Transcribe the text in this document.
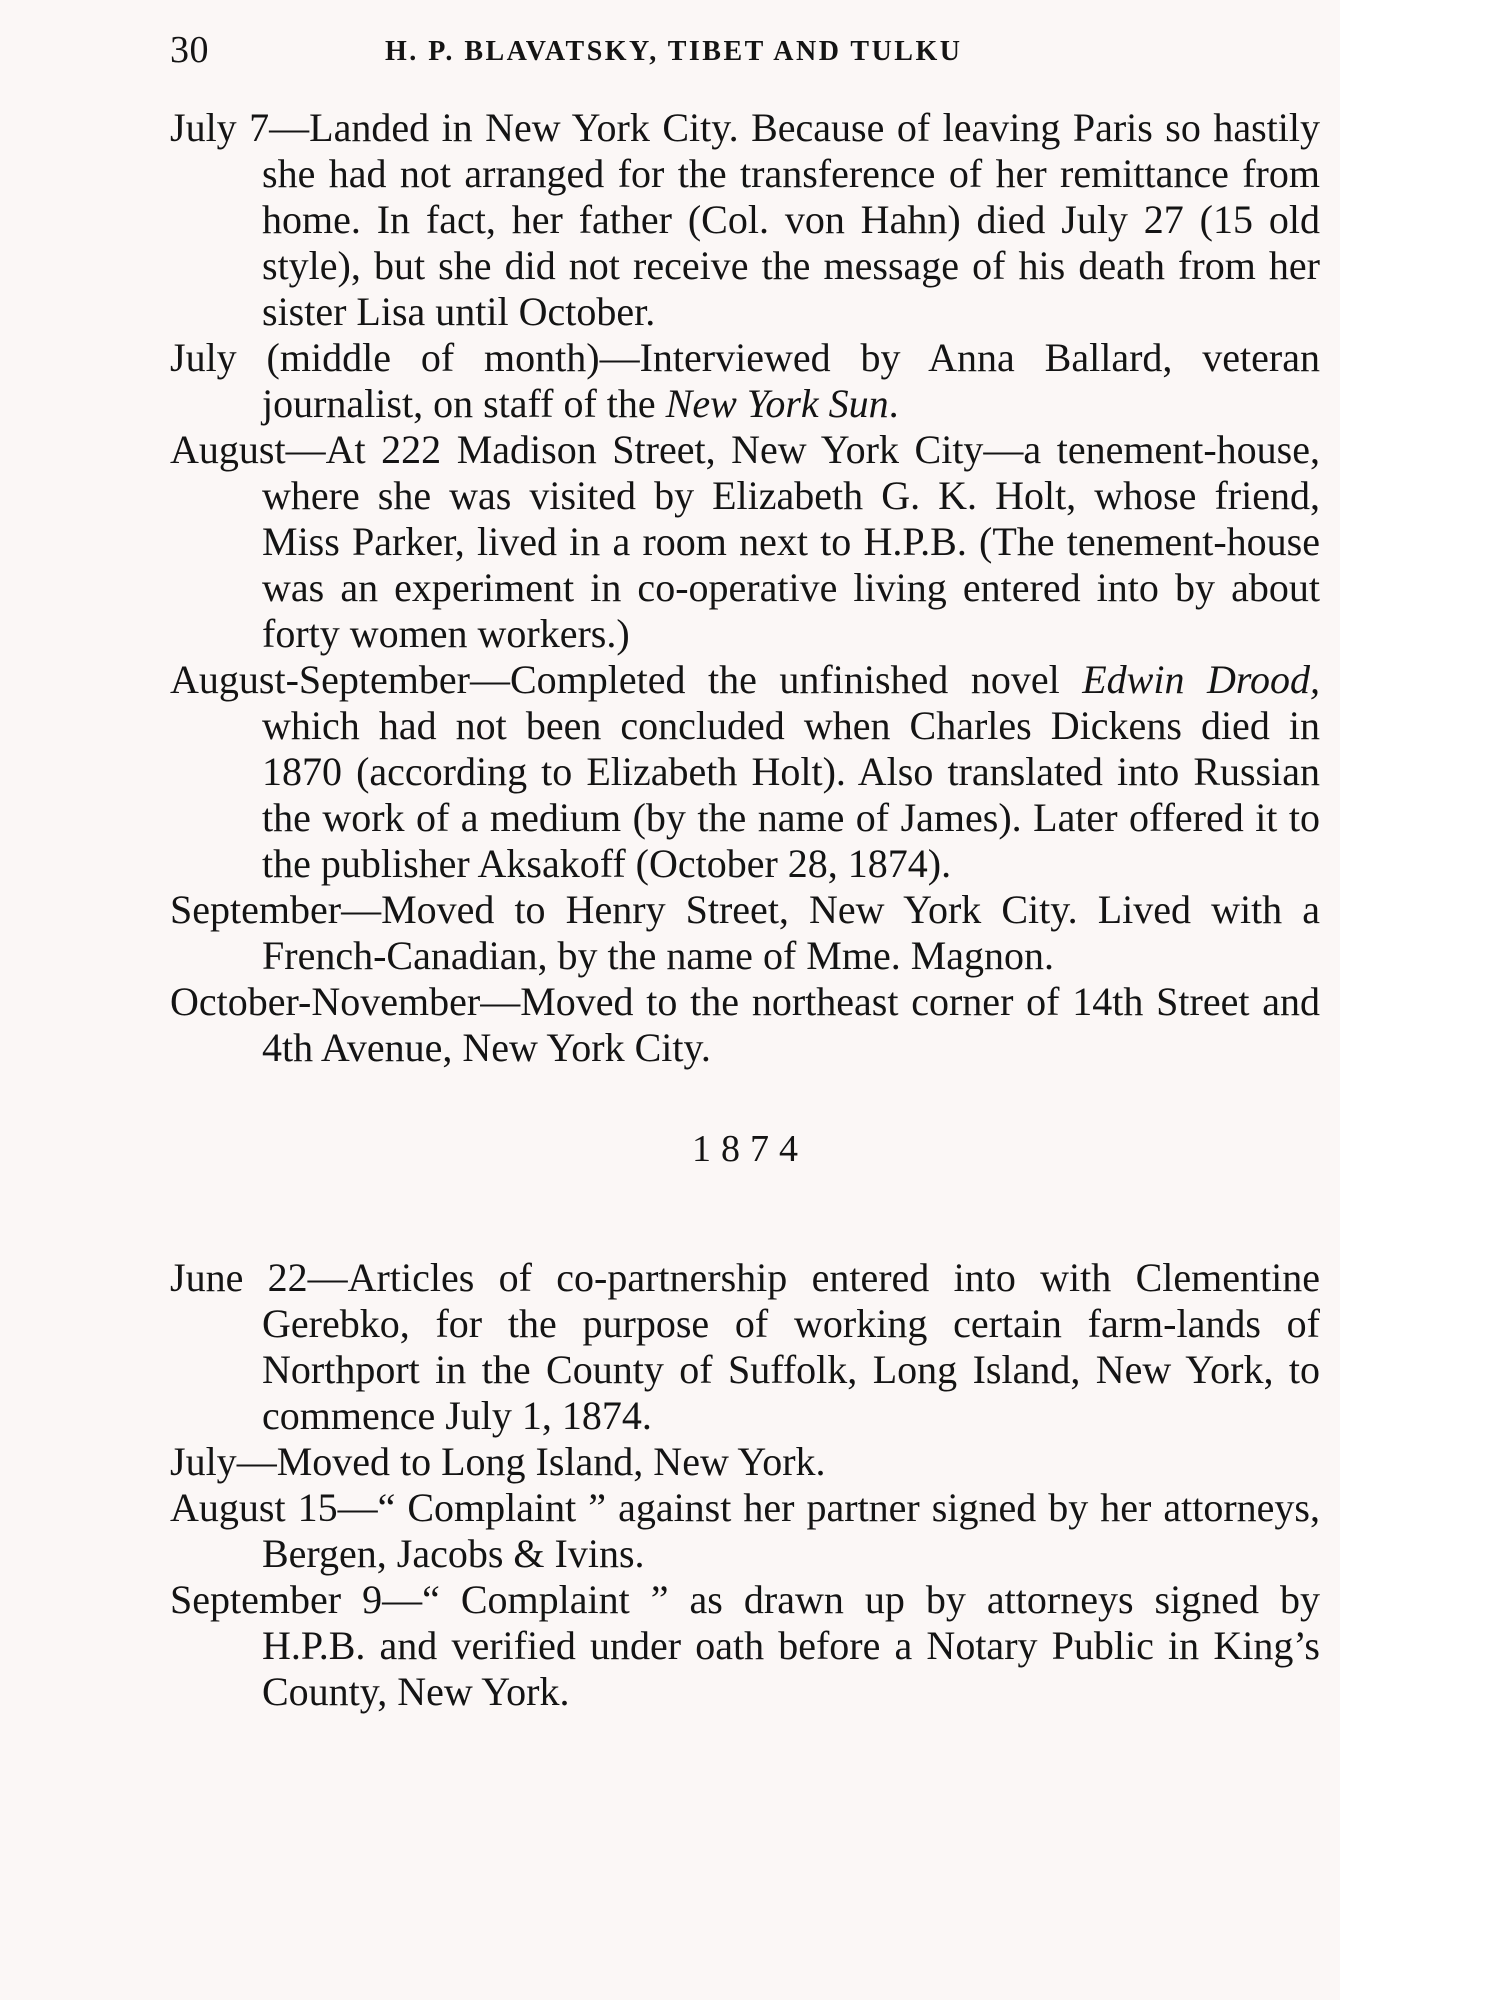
30	H. P. BLAVATSKY, TIBET AND TULKU

July 7—Landed in New York City. Because of leaving Paris so hastily she had not arranged for the transference of her remittance from home. In fact, her father (Col. von Hahn) died July 27 (15 old style), but she did not receive the message of his death from her sister Lisa until October.

July (middle of month)—Interviewed by Anna Ballard, veteran journalist, on staff of the New York Sun.

August—At 222 Madison Street, New York City—a tenement-house, where she was visited by Elizabeth G. K. Holt, whose friend, Miss Parker, lived in a room next to H.P.B. (The tenement-house was an experiment in co-operative living entered into by about forty women workers.)

August-September—Completed the unfinished novel Edwin Drood, which had not been concluded when Charles Dickens died in 1870 (according to Elizabeth Holt). Also translated into Russian the work of a medium (by the name of James). Later offered it to the publisher Aksakoff (October 28, 1874).

September—Moved to Henry Street, New York City. Lived with a French-Canadian, by the name of Mme. Magnon.

October-November—Moved to the northeast corner of 14th Street and 4th Avenue, New York City.

1874

June 22—Articles of co-partnership entered into with Clementine Gerebko, for the purpose of working certain farm-lands of Northport in the County of Suffolk, Long Island, New York, to commence July 1, 1874.

July—Moved to Long Island, New York.

August 15—“ Complaint ” against her partner signed by her attorneys, Bergen, Jacobs & Ivins.

September 9—“ Complaint ” as drawn up by attorneys signed by H.P.B. and verified under oath before a Notary Public in King’s County, New York.
